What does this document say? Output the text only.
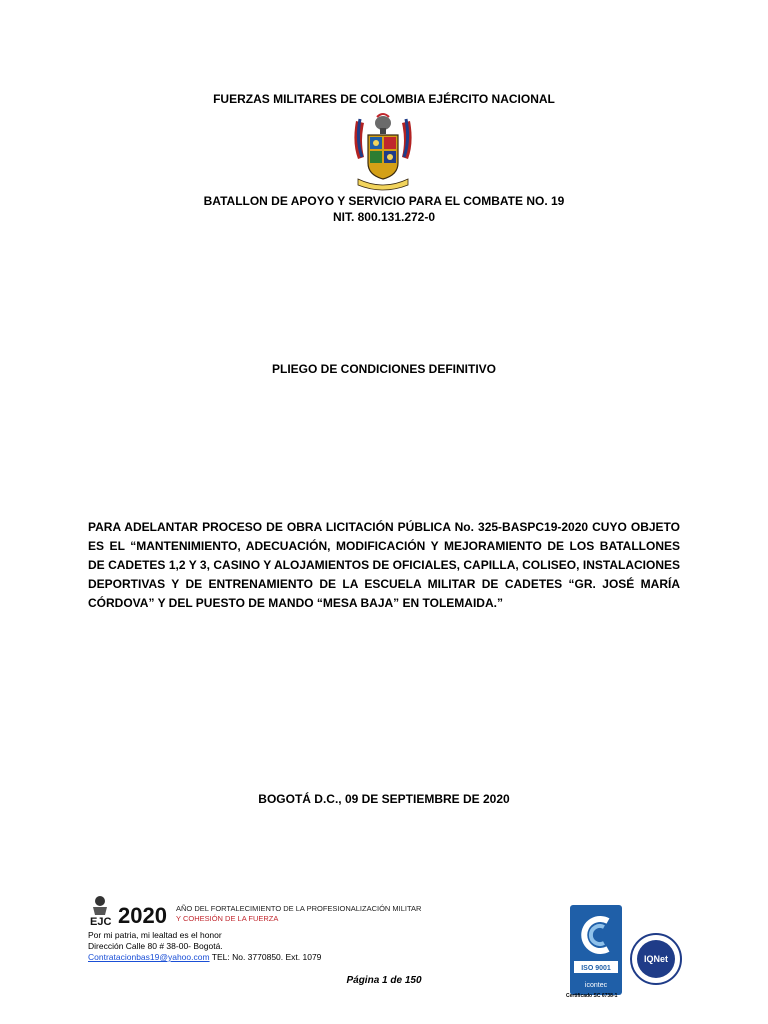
FUERZAS MILITARES DE COLOMBIA EJÉRCITO NACIONAL
BATALLON DE APOYO Y SERVICIO PARA EL COMBATE NO. 19
NIT. 800.131.272-0
PLIEGO DE CONDICIONES DEFINITIVO
PARA ADELANTAR PROCESO DE OBRA LICITACIÓN PÚBLICA No. 325-BASPC19-2020 CUYO OBJETO ES EL “MANTENIMIENTO, ADECUACIÓN, MODIFICACIÓN Y MEJORAMIENTO DE LOS BATALLONES DE CADETES 1,2 Y 3, CASINO Y ALOJAMIENTOS DE OFICIALES, CAPILLA, COLISEO, INSTALACIONES DEPORTIVAS Y DE ENTRENAMIENTO DE LA ESCUELA MILITAR DE CADETES “GR. JOSÉ MARÍA CÓRDOVA” Y DEL PUESTO DE MANDO “MESA BAJA” EN TOLEMAIDA.”
BOGOTÁ D.C., 09 DE SEPTIEMBRE DE 2020
EJC 2020 AÑO DEL FORTALECIMIENTO DE LA PROFESIONALIZACIÓN MILITAR
Y COHESIÓN DE LA FUERZA
Por mi patria, mi lealtad es el honor
Dirección Calle 80 # 38-00- Bogotá.
Contratacionbas19@yahoo.com TEL: No. 3770850. Ext. 1079
Página 1 de 150
ISO 9001
icontec
IQNet
Certificado SC 6738-1
